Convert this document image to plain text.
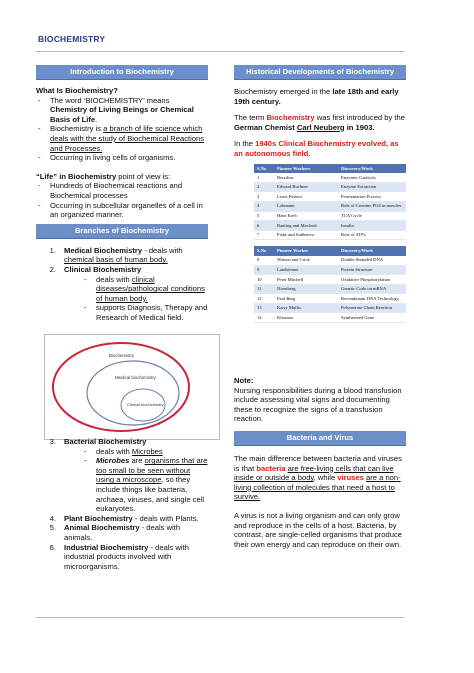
BIOCHEMISTRY
Introduction to Biochemistry
What Is Biochemistry?
-	The word ‘BIOCHEMISTRY’ means Chemistry of Living Beings or Chemical Basis of Life.
-	Biochemistry is a branch of life science which deals with the study of Biochemical Reactions and Processes.
-	Occurring in living cells of organisms.
“Life” in Biochemistry point of view is:
-	Hundreds of Biochemical reactions and Biochemical processes
-	Occurring in subcellular organelles of a cell in an organized manner.
Branches of Biochemistry
1.	Medical Biochemistry - deals with chemical basis of human body.
2.	Clinical Biochemistry
-	deals with clinical diseases/pathological conditions of human body.
-	supports Diagnosis, Therapy and Research of Medical field.
Biochemistry
Medical biochemistry
Clinical biochemistry
3.	Bacterial Biochemistry
-	deals with Microbes
-	Microbes are organisms that are too small to be seen without using a microscope, so they include things like bacteria, archaea, viruses, and single cell eukaryotes.
4.	Plant Biochemistry - deals with Plants.
5.	Animal Biochemistry - deals with animals.
6.	Industrial Biochemistry - deals with industrial products involved with microorganisms.
Historical Developments of Biochemistry
Biochemistry emerged in the late 18th and early 19th century.
The term Biochemistry was first introduced by the German Chemist Carl Neuberg in 1903.
In the 1940s Clinical Biochemistry evolved, as an autonomous field.
S.No	Pioneer Workers	Discovery/Work
1	Berzilius	Enzymes Catalysis
2	Edward Buchner	Enzyme Extraction
3	Louis Pasteur	Fermentation Process
4	Lohmann	Role of Creatine PO4 in muscles
5	Hans Kreb	TCA Cycle
6	Banting and Macleod	Insulin
7	Fiske and Subbarow	Role of ATPs
S.No	Pioneer Worker	Discovery/Work
8	Watson and Crick	Double Stranded DNA
9	Landsteiner	Protein Structure
10	Peter Mitchell	Oxidative Phosphorylation
11	Nirenberg	Genetic Code on mRNA
12	Paul Berg	Recombinant DNA Technology
13	Karry Mullis	Polymerase Chain Reaction
14	Khorana	Synthesized Gene
Note:
Nursing responsibilities during a blood transfusion include assessing vital signs and documenting these to recognize the signs of a transfusion reaction.
Bacteria and Virus
The main difference between bacteria and viruses is that bacteria are free-living cells that can live inside or outside a body, while viruses are a non-living collection of molecules that need a host to survive.
A virus is not a living organism and can only grow and reproduce in the cells of a host. Bacteria, by contrast, are single-celled organisms that produce their own energy and can reproduce on their own.
